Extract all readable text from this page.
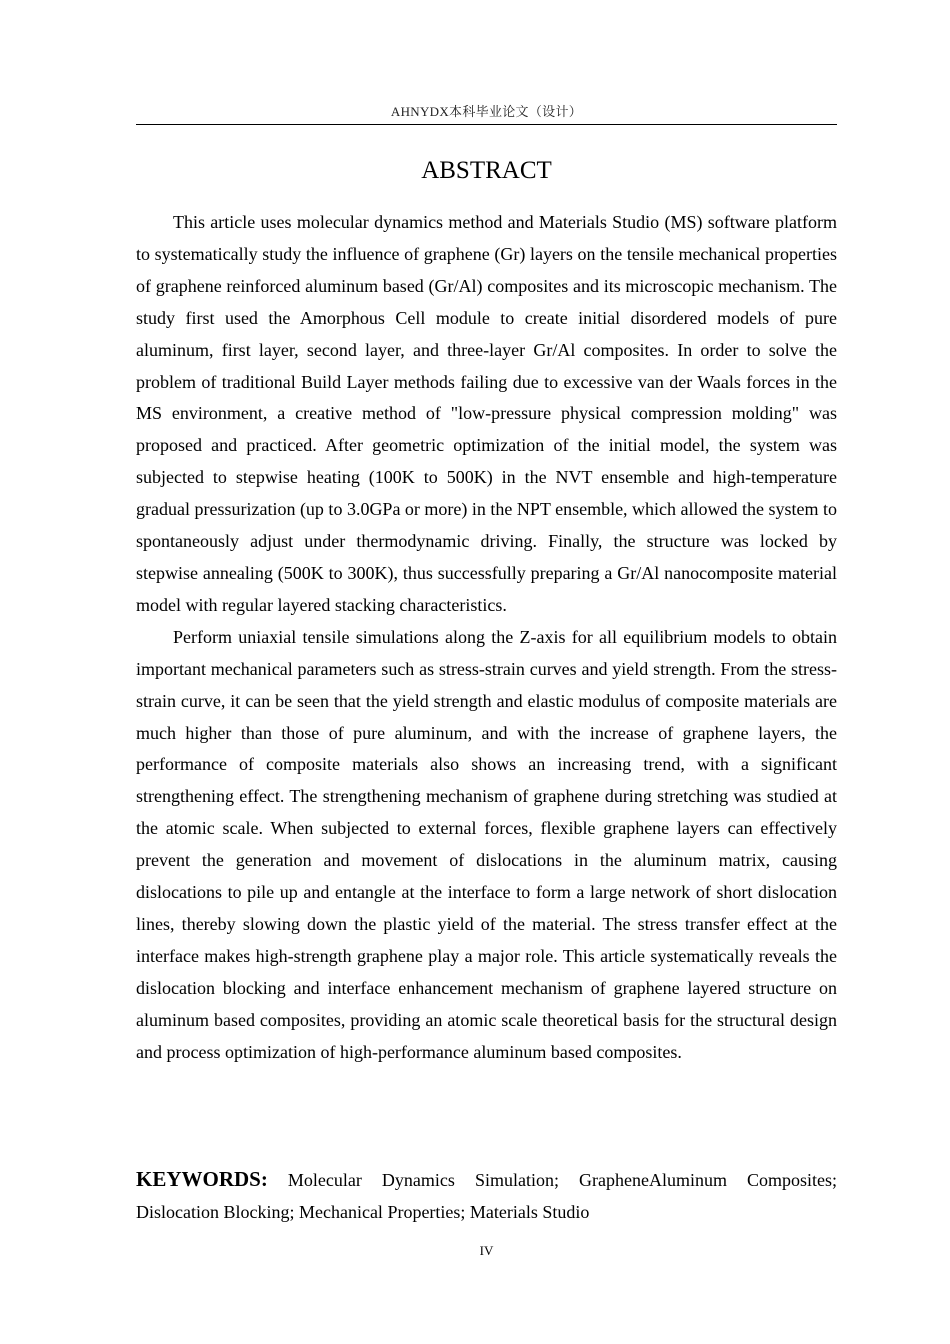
AHNYDX本科毕业论文（设计）
ABSTRACT

This article uses molecular dynamics method and Materials Studio (MS) software platform to systematically study the influence of graphene (Gr) layers on the tensile mechanical properties of graphene reinforced aluminum based (Gr/Al) composites and its microscopic mechanism. The study first used the Amorphous Cell module to create initial disordered models of pure aluminum, first layer, second layer, and three-layer Gr/Al composites. In order to solve the problem of traditional Build Layer methods failing due to excessive van der Waals forces in the MS environment, a creative method of "low-pressure physical compression molding" was proposed and practiced. After geometric optimization of the initial model, the system was subjected to stepwise heating (100K to 500K) in the NVT ensemble and high-temperature gradual pressurization (up to 3.0GPa or more) in the NPT ensemble, which allowed the system to spontaneously adjust under thermodynamic driving. Finally, the structure was locked by stepwise annealing (500K to 300K), thus successfully preparing a Gr/Al nanocomposite material model with regular layered stacking characteristics.

Perform uniaxial tensile simulations along the Z-axis for all equilibrium models to obtain important mechanical parameters such as stress-strain curves and yield strength. From the stress-strain curve, it can be seen that the yield strength and elastic modulus of composite materials are much higher than those of pure aluminum, and with the increase of graphene layers, the performance of composite materials also shows an increasing trend, with a significant strengthening effect. The strengthening mechanism of graphene during stretching was studied at the atomic scale. When subjected to external forces, flexible graphene layers can effectively prevent the generation and movement of dislocations in the aluminum matrix, causing dislocations to pile up and entangle at the interface to form a large network of short dislocation lines, thereby slowing down the plastic yield of the material. The stress transfer effect at the interface makes high-strength graphene play a major role. This article systematically reveals the dislocation blocking and interface enhancement mechanism of graphene layered structure on aluminum based composites, providing an atomic scale theoretical basis for the structural design and process optimization of high-performance aluminum based composites.

KEYWORDS: Molecular Dynamics Simulation; GrapheneAluminum Composites; Dislocation Blocking; Mechanical Properties; Materials Studio
IV
